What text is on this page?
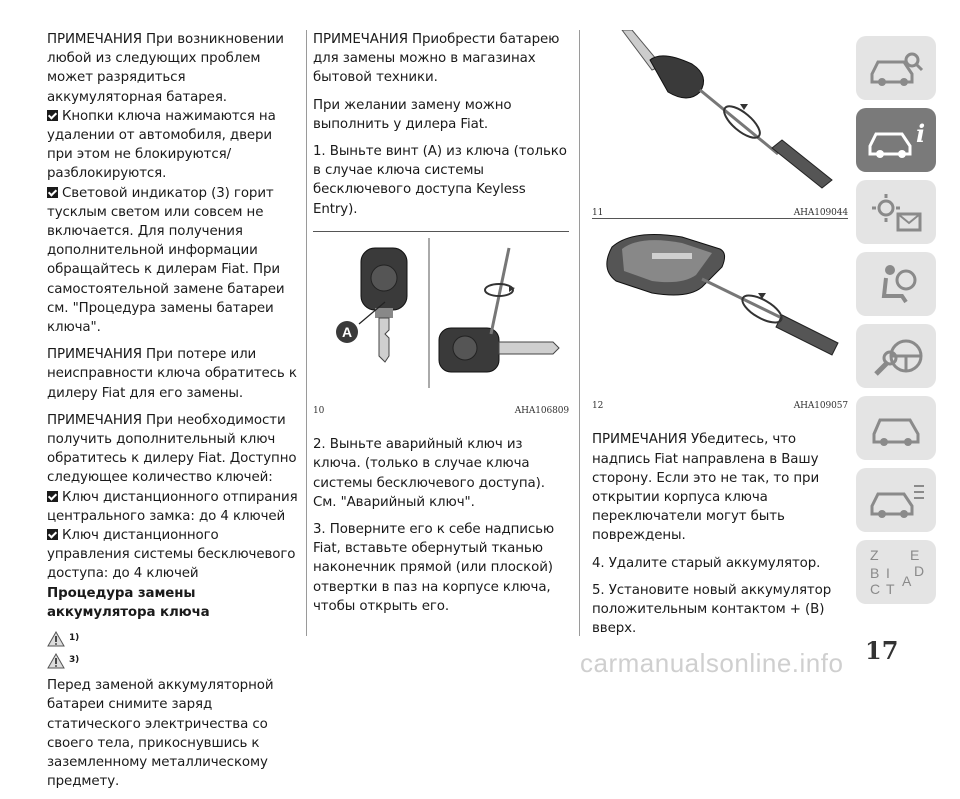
ПРИМЕЧАНИЯ При возникновении любой из следующих проблем может разрядиться аккумуляторная батарея.

Кнопки ключа нажимаются на удалении от автомобиля, двери при этом не блокируются/разблокируются.

Световой индикатор (3) горит тусклым светом или совсем не включается. Для получения дополнительной информации обращайтесь к дилерам Fiat. При самостоятельной замене батареи см. "Процедура замены батареи ключа".

ПРИМЕЧАНИЯ При потере или неисправности ключа обратитесь к дилеру Fiat для его замены.

ПРИМЕЧАНИЯ При необходимости получить дополнительный ключ обратитесь к дилеру Fiat. Доступно следующее количество ключей:

Ключ дистанционного отпирания центрального замка: до 4 ключей

Ключ дистанционного управления системы бесключевого доступа: до 4 ключей

Процедура замены аккумулятора ключа
1)
3)

Перед заменой аккумуляторной батареи снимите заряд статического электричества со своего тела, прикоснувшись к заземленному металлическому предмету.

ПРИМЕЧАНИЯ Приобрести батарею для замены можно в магазинах бытовой техники.

При желании замену можно выполнить у дилера Fiat.

1. Выньте винт (A) из ключа (только в случае ключа системы бесключевого доступа Keyless Entry).

A
10	AHA106809

2. Выньте аварийный ключ из ключа. (только в случае ключа системы бесключевого доступа). См. "Аварийный ключ".

3. Поверните его к себе надписью Fiat, вставьте обернутый тканью наконечник прямой (или плоской) отвертки в паз на корпусе ключа, чтобы открыть его.

11	AHA109044
12	AHA109057

ПРИМЕЧАНИЯ Убедитесь, что надпись Fiat направлена в Вашу сторону. Если это не так, то при открытии корпуса ключа переключатели могут быть повреждены.

4. Удалите старый аккумулятор.

5. Установите новый аккумулятор положительным контактом + (B) вверх.

i
Z E
B I
C T A
D
17
carmanualsonline.info
